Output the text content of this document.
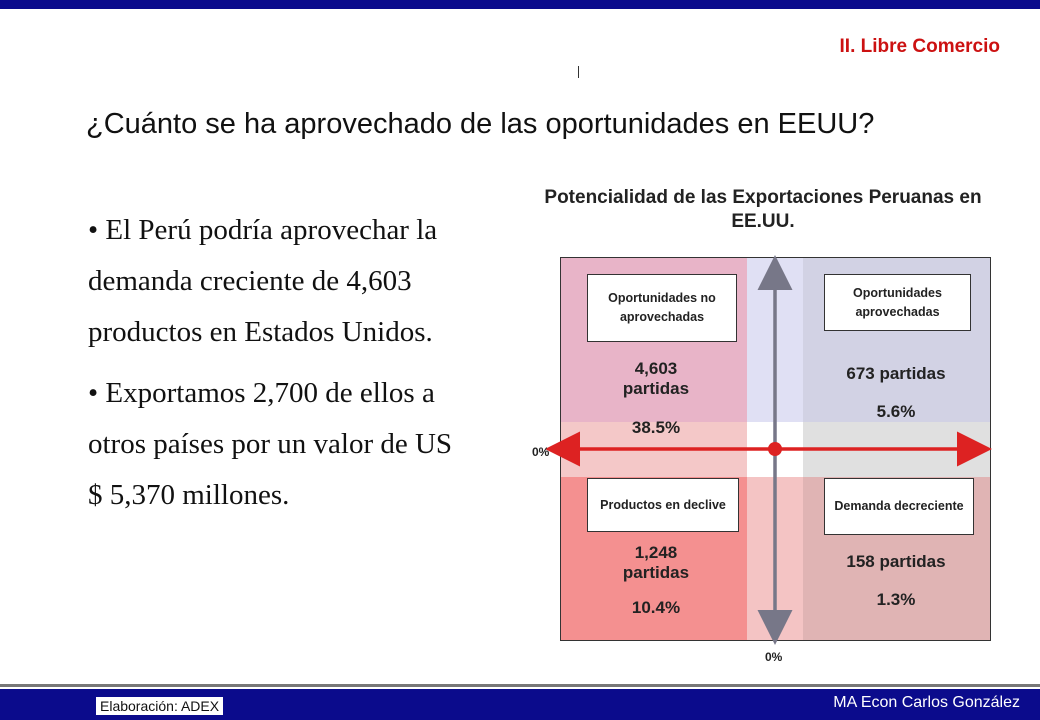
II. Libre Comercio
¿Cuánto se ha aprovechado de las oportunidades en EEUU?

• El Perú podría aprovechar la demanda creciente de 4,603 productos en Estados Unidos.

• Exportamos 2,700 de ellos a otros países por un valor de US $ 5,370 millones.

Potencialidad de las Exportaciones Peruanas en EE.UU.
Oportunidades no aprovechadas
4,603 partidas
38.5%
Oportunidades aprovechadas
673 partidas
5.6%
Productos en declive
1,248 partidas
10.4%
Demanda decreciente
158 partidas
1.3%
0%
0%
Elaboración: ADEX	MA Econ Carlos González
